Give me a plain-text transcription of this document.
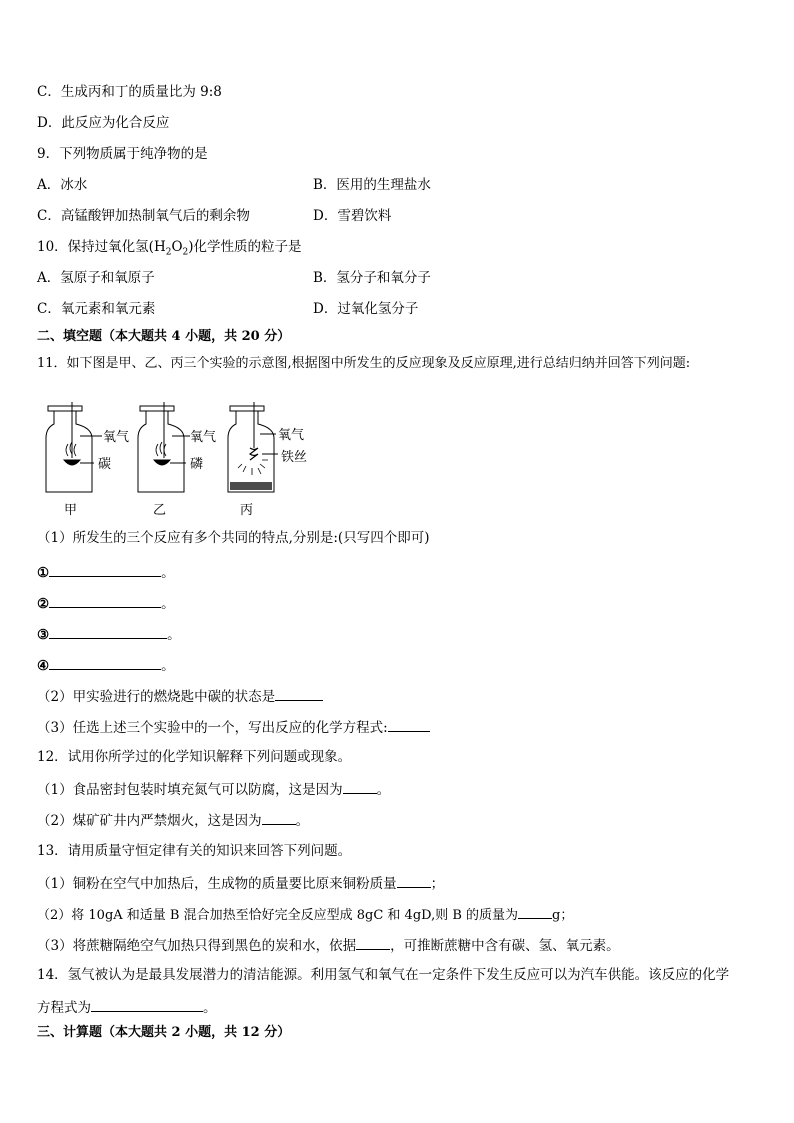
C．生成丙和丁的质量比为 9:8
D．此反应为化合反应
9．下列物质属于纯净物的是
A．冰水	B．医用的生理盐水
C．高锰酸钾加热制氧气后的剩余物	D．雪碧饮料
10．保持过氧化氢$(H_2O_2)$化学性质的粒子是
A．氢原子和氧原子	B．氢分子和氧分子
C．氧元素和氧元素	D．过氧化氢分子
二、填空题（本大题共 4 小题，共 20 分）
11．如下图是甲、乙、丙三个实验的示意图,根据图中所发生的反应现象及反应原理,进行总结归纳并回答下列问题:
氧气
碳
甲
氧气
磷
乙
氧气
铁丝
丙
（1）所发生的三个反应有多个共同的特点,分别是:(只写四个即可)
①	。
②	。
③	。
④	。
（2）甲实验进行的燃烧匙中碳的状态是
（3）任选上述三个实验中的一个，写出反应的化学方程式:
12．试用你所学过的化学知识解释下列问题或现象。
（1）食品密封包装时填充氮气可以防腐，这是因为	。
（2）煤矿矿井内严禁烟火，这是因为	。
13．请用质量守恒定律有关的知识来回答下列问题。
（1）铜粉在空气中加热后，生成物的质量要比原来铜粉质量	；
（2）将 10gA 和适量 B 混合加热至恰好完全反应型成 8gC 和 4gD,则 B 的质量为	g；
（3）将蔗糖隔绝空气加热只得到黑色的炭和水，依据	，可推断蔗糖中含有碳、氢、氧元素。
14．氢气被认为是最具发展潜力的清洁能源。利用氢气和氧气在一定条件下发生反应可以为汽车供能。该反应的化学
方程式为	。
三、计算题（本大题共 2 小题，共 12 分）
